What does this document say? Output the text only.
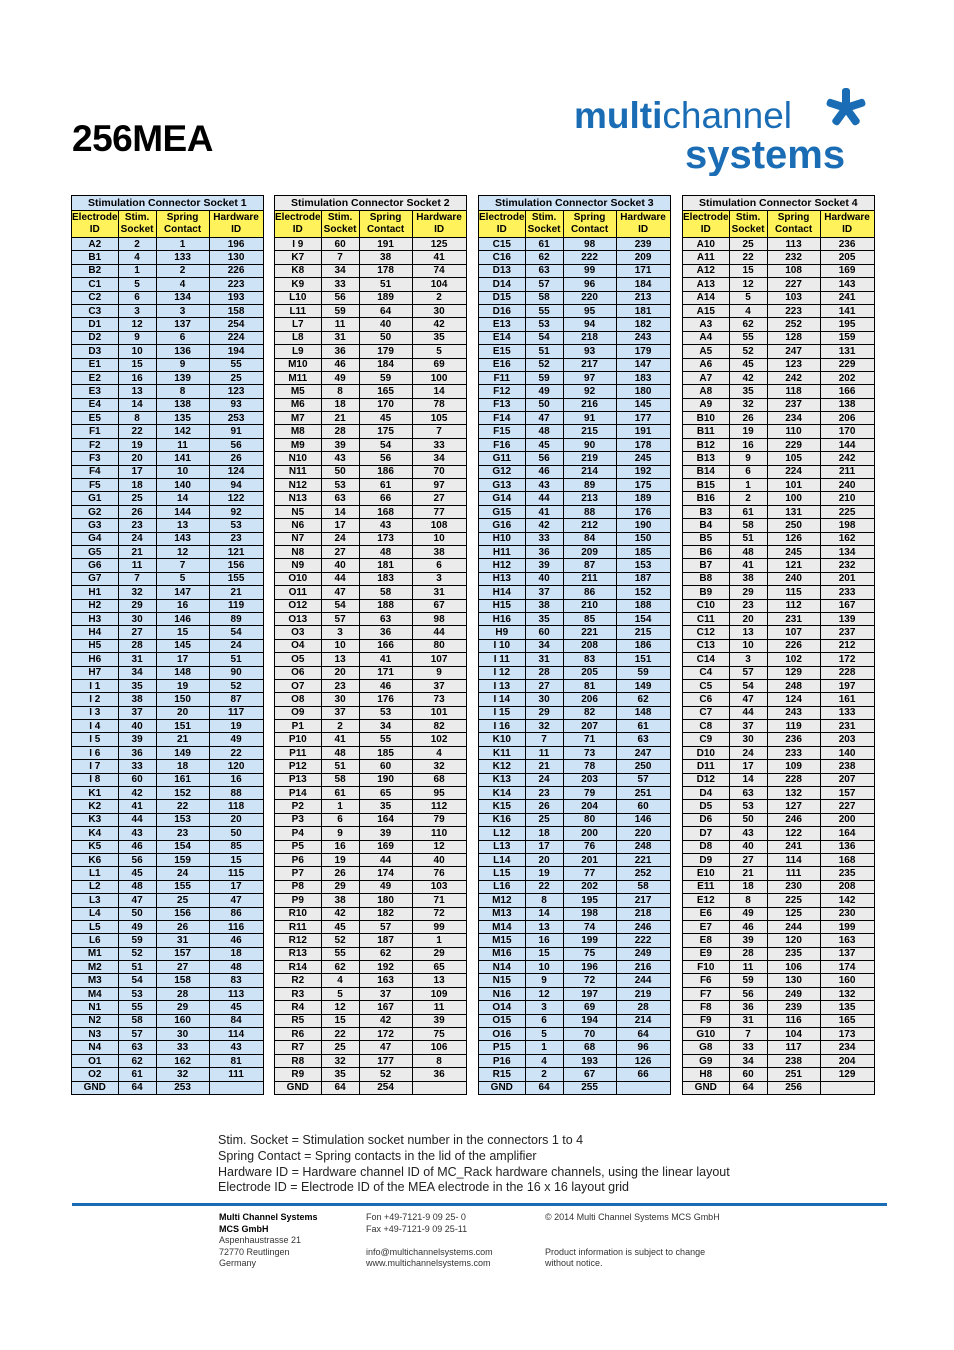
256MEA
multichannel
systems
Stimulation Connector Socket 1			
Electrode ID	Stim. Socket	Spring Contact	Hardware ID
A2	2	1	196
B1	4	133	130
B2	1	2	226
C1	5	4	223
C2	6	134	193
C3	3	3	158
D1	12	137	254
D2	9	6	224
D3	10	136	194
E1	15	9	55
E2	16	139	25
E3	13	8	123
E4	14	138	93
E5	8	135	253
F1	22	142	91
F2	19	11	56
F3	20	141	26
F4	17	10	124
F5	18	140	94
G1	25	14	122
G2	26	144	92
G3	23	13	53
G4	24	143	23
G5	21	12	121
G6	11	7	156
G7	7	5	155
H1	32	147	21
H2	29	16	119
H3	30	146	89
H4	27	15	54
H5	28	145	24
H6	31	17	51
H7	34	148	90
I 1	35	19	52
I 2	38	150	87
I 3	37	20	117
I 4	40	151	19
I 5	39	21	49
I 6	36	149	22
I 7	33	18	120
I 8	60	161	16
K1	42	152	88
K2	41	22	118
K3	44	153	20
K4	43	23	50
K5	46	154	85
K6	56	159	15
L1	45	24	115
L2	48	155	17
L3	47	25	47
L4	50	156	86
L5	49	26	116
L6	59	31	46
M1	52	157	18
M2	51	27	48
M3	54	158	83
M4	53	28	113
N1	55	29	45
N2	58	160	84
N3	57	30	114
N4	63	33	43
O1	62	162	81
O2	61	32	111
GND	64	253	
Stimulation Connector Socket 2			
Electrode ID	Stim. Socket	Spring Contact	Hardware ID
I 9	60	191	125
K7	7	38	41
K8	34	178	74
K9	33	51	104
L10	56	189	2
L11	59	64	30
L7	11	40	42
L8	31	50	35
L9	36	179	5
M10	46	184	69
M11	49	59	100
M5	8	165	14
M6	18	170	78
M7	21	45	105
M8	28	175	7
M9	39	54	33
N10	43	56	34
N11	50	186	70
N12	53	61	97
N13	63	66	27
N5	14	168	77
N6	17	43	108
N7	24	173	10
N8	27	48	38
N9	40	181	6
O10	44	183	3
O11	47	58	31
O12	54	188	67
O13	57	63	98
O3	3	36	44
O4	10	166	80
O5	13	41	107
O6	20	171	9
O7	23	46	37
O8	30	176	73
O9	37	53	101
P1	2	34	82
P10	41	55	102
P11	48	185	4
P12	51	60	32
P13	58	190	68
P14	61	65	95
P2	1	35	112
P3	6	164	79
P4	9	39	110
P5	16	169	12
P6	19	44	40
P7	26	174	76
P8	29	49	103
P9	38	180	71
R10	42	182	72
R11	45	57	99
R12	52	187	1
R13	55	62	29
R14	62	192	65
R2	4	163	13
R3	5	37	109
R4	12	167	11
R5	15	42	39
R6	22	172	75
R7	25	47	106
R8	32	177	8
R9	35	52	36
GND	64	254	
Stimulation Connector Socket 3			
Electrode ID	Stim. Socket	Spring Contact	Hardware ID
C15	61	98	239
C16	62	222	209
D13	63	99	171
D14	57	96	184
D15	58	220	213
D16	55	95	181
E13	53	94	182
E14	54	218	243
E15	51	93	179
E16	52	217	147
F11	59	97	183
F12	49	92	180
F13	50	216	145
F14	47	91	177
F15	48	215	191
F16	45	90	178
G11	56	219	245
G12	46	214	192
G13	43	89	175
G14	44	213	189
G15	41	88	176
G16	42	212	190
H10	33	84	150
H11	36	209	185
H12	39	87	153
H13	40	211	187
H14	37	86	152
H15	38	210	188
H16	35	85	154
H9	60	221	215
I 10	34	208	186
I 11	31	83	151
I 12	28	205	59
I 13	27	81	149
I 14	30	206	62
I 15	29	82	148
I 16	32	207	61
K10	7	71	63
K11	11	73	247
K12	21	78	250
K13	24	203	57
K14	23	79	251
K15	26	204	60
K16	25	80	146
L12	18	200	220
L13	17	76	248
L14	20	201	221
L15	19	77	252
L16	22	202	58
M12	8	195	217
M13	14	198	218
M14	13	74	246
M15	16	199	222
M16	15	75	249
N14	10	196	216
N15	9	72	244
N16	12	197	219
O14	3	69	28
O15	6	194	214
O16	5	70	64
P15	1	68	96
P16	4	193	126
R15	2	67	66
GND	64	255	
Stimulation Connector Socket 4			
Electrode ID	Stim. Socket	Spring Contact	Hardware ID
A10	25	113	236
A11	22	232	205
A12	15	108	169
A13	12	227	143
A14	5	103	241
A15	4	223	141
A3	62	252	195
A4	55	128	159
A5	52	247	131
A6	45	123	229
A7	42	242	202
A8	35	118	166
A9	32	237	138
B10	26	234	206
B11	19	110	170
B12	16	229	144
B13	9	105	242
B14	6	224	211
B15	1	101	240
B16	2	100	210
B3	61	131	225
B4	58	250	198
B5	51	126	162
B6	48	245	134
B7	41	121	232
B8	38	240	201
B9	29	115	233
C10	23	112	167
C11	20	231	139
C12	13	107	237
C13	10	226	212
C14	3	102	172
C4	57	129	228
C5	54	248	197
C6	47	124	161
C7	44	243	133
C8	37	119	231
C9	30	236	203
D10	24	233	140
D11	17	109	238
D12	14	228	207
D4	63	132	157
D5	53	127	227
D6	50	246	200
D7	43	122	164
D8	40	241	136
D9	27	114	168
E10	21	111	235
E11	18	230	208
E12	8	225	142
E6	49	125	230
E7	46	244	199
E8	39	120	163
E9	28	235	137
F10	11	106	174
F6	59	130	160
F7	56	249	132
F8	36	239	135
F9	31	116	165
G10	7	104	173
G8	33	117	234
G9	34	238	204
H8	60	251	129
GND	64	256	
Stim. Socket = Stimulation socket number in the connectors 1 to 4
Spring Contact = Spring contacts in the lid of the amplifier
Hardware ID = Hardware channel ID of MC_Rack hardware channels, using the linear layout
Electrode ID = Electrode ID of the MEA electrode in the 16 x 16 layout grid
Multi Channel Systems
MCS GmbH
Aspenhaustrasse 21
72770 Reutlingen
Germany
Fon +49-7121-9 09 25- 0
Fax +49-7121-9 09 25-11

info@multichannelsystems.com
www.multichannelsystems.com
© 2014 Multi Channel Systems MCS GmbH

Product information is subject to change
without notice.
